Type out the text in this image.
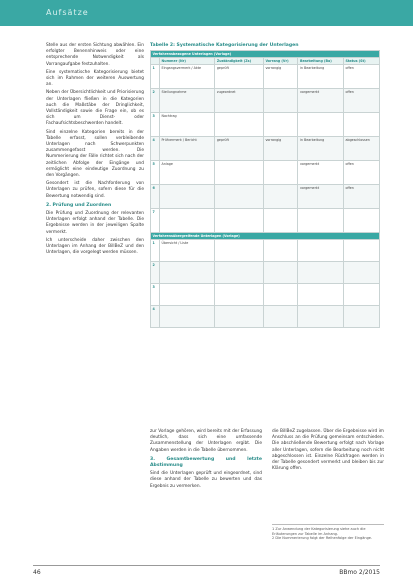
Aufsätze

Stelle aus der ersten Sichtung abwählen. Ein erfolgter Benennhinweis oder eine entsprechende Notwendigkeit als Vorrangaufgabe festzuhalten.

Eine systematische Kategorisierung bietet sich im Rahmen der weiteren Auswertung an.

Neben der Übersichtlichkeit und Priorisierung der Unterlagen fließen in die Kategorien auch die Maßstäbe der Dringlichkeit, Vollständigkeit sowie die Frage ein, ob es sich um Dienst- oder Fachaufsichtsbeschwerden handelt.

Sind einzelne Kategorien bereits in der Tabelle erfasst, sollen verbleibende Unterlagen nach Schwerpunkten zusammengefasst werden. Die Nummerierung der Fälle richtet sich nach der zeitlichen Abfolge der Eingänge und ermöglicht eine eindeutige Zuordnung zu den Vorgängen.

Gesondert ist die Nachforderung von Unterlagen zu prüfen, sofern diese für die Bewertung notwendig sind.

2. Prüfung und Zuordnen

Die Prüfung und Zuordnung der relevanten Unterlagen erfolgt anhand der Tabelle. Die Ergebnisse werden in der jeweiligen Spalte vermerkt.

Ich unterscheide daher zwischen den Unterlagen im Anhang der BillBeZ und den Unterlagen, die vorgelegt werden müssen.

Tabelle 2: Systematische Kategorisierung der Unterlagen
Verfahrensbezogene Unterlagen (Vorlage)					
	Nummer (Nr)	Zuständigkeit (Zs)	Vorrang (Vr)	Bearbeitung (Ba)	Status (St)
1	Eingangsvermerk / Akte	geprüft	vorrangig	in Bearbeitung	offen
2	Stellungnahme	zugeordnet		vorgemerkt	offen
3	Nachtrag				
4	Prüfvermerk / Bericht	geprüft	vorrangig	in Bearbeitung	abgeschlossen
5	Anlage			vorgemerkt	offen
6				vorgemerkt	offen
7					
Verfahrensübergreifende Unterlagen (Vorlage)					
1	Übersicht / Liste				
2					
3					
4					

zur Vorlage gehören, wird bereits mit der Erfassung deutlich, dass sich eine umfassende Zusammenstellung der Unterlagen ergibt. Die Angaben werden in die Tabelle übernommen.

3. Gesamtbewertung und letzte Abstimmung

Sind die Unterlagen geprüft und eingeordnet, sind diese anhand der Tabelle zu bewerten und das Ergebnis zu vermerken.

die BillBeZ zugelassen. Über die Ergebnisse wird im Anschluss an die Prüfung gemeinsam entschieden. Die abschließende Bewertung erfolgt nach Vorlage aller Unterlagen, sofern die Bearbeitung noch nicht abgeschlossen ist. Einzelne Rückfragen werden in der Tabelle gesondert vermerkt und bleiben bis zur Klärung offen.

1 Zur Anwendung der Kategorisierung siehe auch die Erläuterungen zur Tabelle im Anhang.
2 Die Nummerierung folgt der Reihenfolge der Eingänge.
46	BBmo 2/2015
